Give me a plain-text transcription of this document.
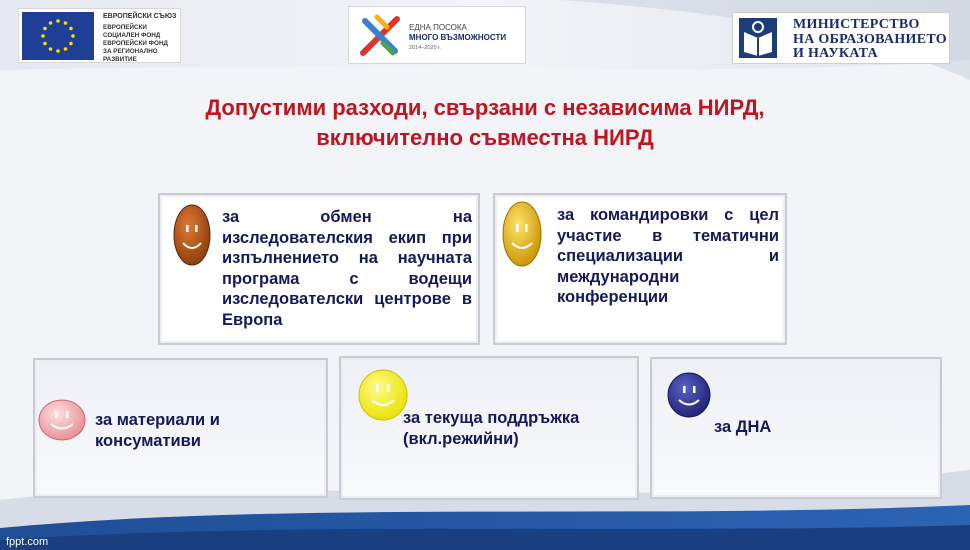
ЕВРОПЕЙСКИ СЪЮЗ
ЕВРОПЕЙСКИ
СОЦИАЛЕН ФОНД
ЕВРОПЕЙСКИ ФОНД
ЗА РЕГИОНАЛНО РАЗВИТИЕ
ЕДНА ПОСОКА
МНОГО ВЪЗМОЖНОСТИ
2014–2020 г.
МИНИСТЕРСТВО
НА ОБРАЗОВАНИЕТО
И НАУКАТА
Допустими разходи, свързани с независима НИРД,
включително съвместна НИРД
за обмен на изследователския екип при изпълнението на научната програма с водещи изследователски центрове в Европа
за командировки с цел участие в тематични специализации и международни конференции
за материали и
консумативи
за текуща поддръжка
(вкл.режийни)
за ДНА
fppt.com
